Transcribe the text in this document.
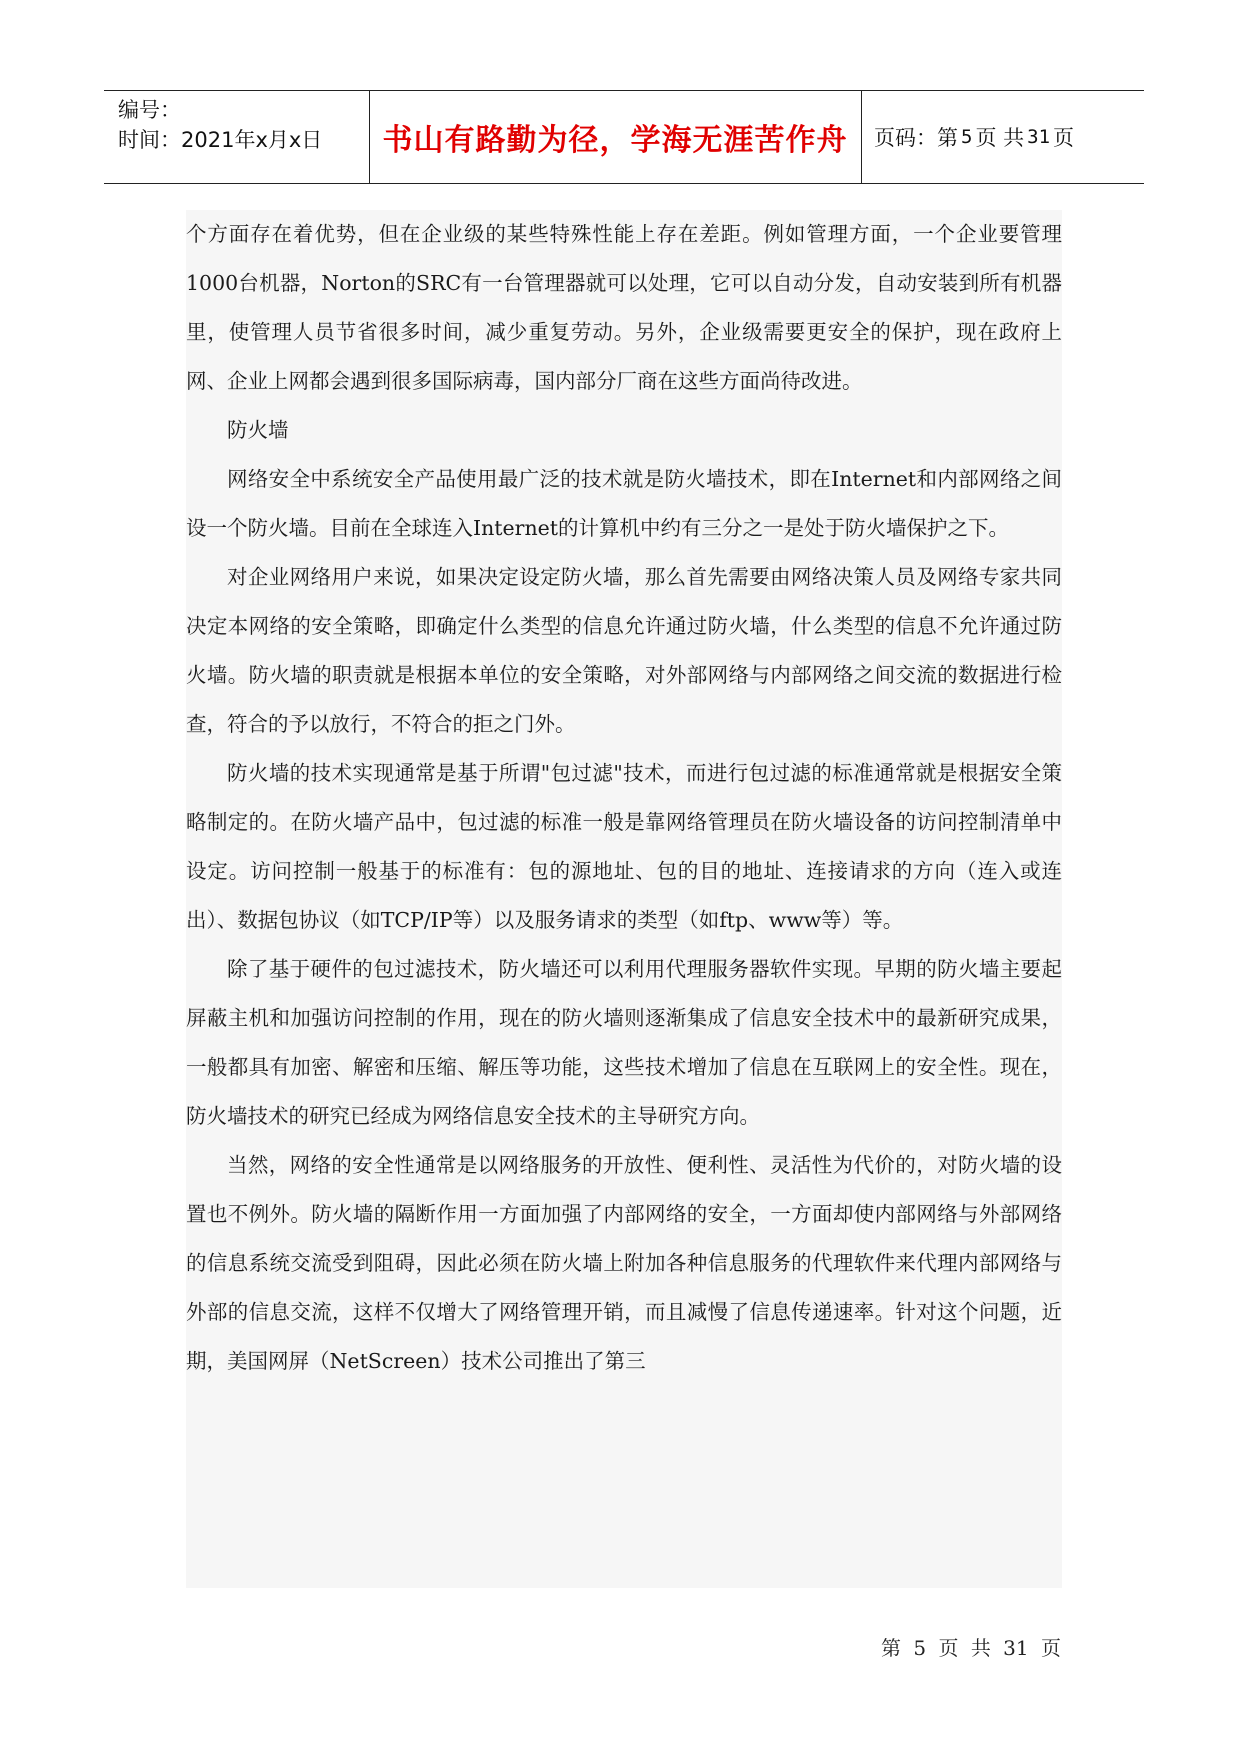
编号：
时间：2021年x月x日	书山有路勤为径，学海无涯苦作舟	页码：第 5 页 共 31 页

个方面存在着优势，但在企业级的某些特殊性能上存在差距。例如管理方面，一个企业要管理1000台机器，Norton的SRC有一台管理器就可以处理，它可以自动分发，自动安装到所有机器里，使管理人员节省很多时间，减少重复劳动。另外，企业级需要更安全的保护，现在政府上网、企业上网都会遇到很多国际病毒，国内部分厂商在这些方面尚待改进。

防火墙

网络安全中系统安全产品使用最广泛的技术就是防火墙技术，即在Internet和内部网络之间设一个防火墙。目前在全球连入Internet的计算机中约有三分之一是处于防火墙保护之下。

对企业网络用户来说，如果决定设定防火墙，那么首先需要由网络决策人员及网络专家共同决定本网络的安全策略，即确定什么类型的信息允许通过防火墙，什么类型的信息不允许通过防火墙。防火墙的职责就是根据本单位的安全策略，对外部网络与内部网络之间交流的数据进行检查，符合的予以放行，不符合的拒之门外。

防火墙的技术实现通常是基于所谓"包过滤"技术，而进行包过滤的标准通常就是根据安全策略制定的。在防火墙产品中，包过滤的标准一般是靠网络管理员在防火墙设备的访问控制清单中设定。访问控制一般基于的标准有：包的源地址、包的目的地址、连接请求的方向（连入或连出）、数据包协议（如TCP/IP等）以及服务请求的类型（如ftp、www等）等。

除了基于硬件的包过滤技术，防火墙还可以利用代理服务器软件实现。早期的防火墙主要起屏蔽主机和加强访问控制的作用，现在的防火墙则逐渐集成了信息安全技术中的最新研究成果，一般都具有加密、解密和压缩、解压等功能，这些技术增加了信息在互联网上的安全性。现在，防火墙技术的研究已经成为网络信息安全技术的主导研究方向。

当然，网络的安全性通常是以网络服务的开放性、便利性、灵活性为代价的，对防火墙的设置也不例外。防火墙的隔断作用一方面加强了内部网络的安全，一方面却使内部网络与外部网络的信息系统交流受到阻碍，因此必须在防火墙上附加各种信息服务的代理软件来代理内部网络与外部的信息交流，这样不仅增大了网络管理开销，而且减慢了信息传递速率。针对这个问题，近期，美国网屏（NetScreen）技术公司推出了第三

第 5 页 共 31 页
